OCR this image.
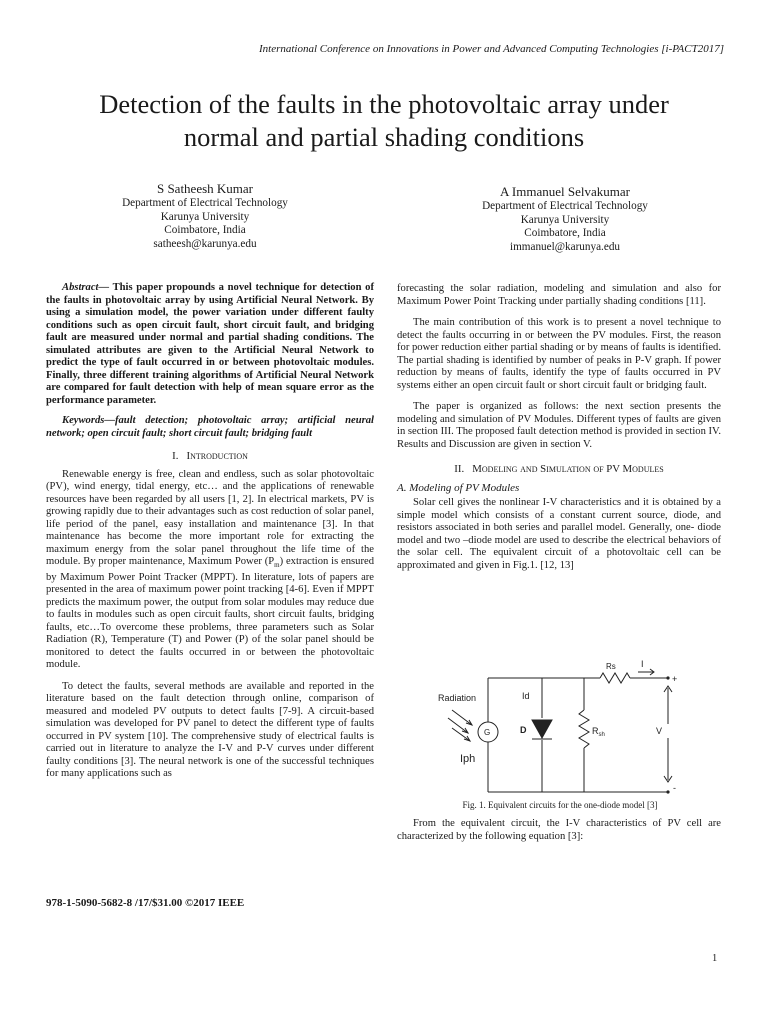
International Conference on Innovations in Power and Advanced Computing Technologies [i-PACT2017]
Detection of the faults in the photovoltaic array under
normal and partial shading conditions
S Satheesh Kumar
Department of Electrical Technology
Karunya University
Coimbatore, India
satheesh@karunya.edu
A Immanuel Selvakumar
Department of Electrical Technology
Karunya University
Coimbatore, India
immanuel@karunya.edu

Abstract— This paper propounds a novel technique for detection of the faults in photovoltaic array by using Artificial Neural Network. By using a simulation model, the power variation under different faulty conditions such as open circuit fault, short circuit fault, and bridging fault are measured under normal and partial shading conditions. The simulated attributes are given to the Artificial Neural Network to predict the type of fault occurred in or between photovoltaic modules. Finally, three different training algorithms of Artificial Neural Network are compared for fault detection with help of mean square error as the performance parameter.

Keywords—fault detection; photovoltaic array; artificial neural network; open circuit fault; short circuit fault; bridging fault

I. Introduction

Renewable energy is free, clean and endless, such as solar photovoltaic (PV), wind energy, tidal energy, etc… and the applications of renewable resources have been regarded by all users [1, 2]. In electrical markets, PV is growing rapidly due to their advantages such as cost reduction of solar panel, life period of the panel, easy installation and maintenance [3]. In that maintenance has become the more important role for extracting the maximum energy from the solar panel throughout the life time of the module. By proper maintenance, Maximum Power $(P_m)$ extraction is ensured by Maximum Power Point Tracker (MPPT). In literature, lots of papers are presented in the area of maximum power point tracking [4-6]. Even if MPPT predicts the maximum power, the output from solar modules may reduce due to faults in modules such as open circuit faults, short circuit faults, bridging faults, etc…To overcome these problems, three parameters such as Solar Radiation (R), Temperature (T) and Power (P) of the solar panel should be monitored to detect the faults occurred in or between the photovoltaic module.

To detect the faults, several methods are available and reported in the literature based on the fault detection through online, comparison of measured and modeled PV outputs to detect faults [7-9]. A circuit-based simulation was developed for PV panel to detect the different type of faults occurred in PV system [10]. The comprehensive study of electrical faults is carried out in literature to analyze the I-V and P-V curves under different faulty conditions [3]. The neural network is one of the successful techniques for many applications such as

forecasting the solar radiation, modeling and simulation and also for Maximum Power Point Tracking under partially shading conditions [11].

The main contribution of this work is to present a novel technique to detect the faults occurring in or between the PV modules. First, the reason for power reduction either partial shading or by means of faults is identified. The partial shading is identified by number of peaks in P-V graph. If power reduction by means of faults, identify the type of faults occurred in PV systems either an open circuit fault or short circuit fault or bridging fault.

The paper is organized as follows: the next section presents the modeling and simulation of PV Modules. Different types of faults are given in section III. The proposed fault detection method is provided in section IV. Results and Discussion are given in section V.

II. Modeling and Simulation of PV Modules
A. Modeling of PV Modules

Solar cell gives the nonlinear I-V characteristics and it is obtained by a simple model which consists of a constant current source, diode, and resistors associated in both series and parallel model. Generally, one- diode model and two –diode model are used to describe the electrical behaviors of the solar cell. The equivalent circuit of a photovoltaic cell can be approximated and given in Fig.1. [12, 13]

Radiation
G
Iph
Id
D
Rs	I
$R_{sh}$	V
+
-
Fig. 1. Equivalent circuits for the one-diode model [3]

From the equivalent circuit, the I-V characteristics of PV cell are characterized by the following equation [3]:

978-1-5090-5682-8 /17/$31.00 ©2017 IEEE
1
